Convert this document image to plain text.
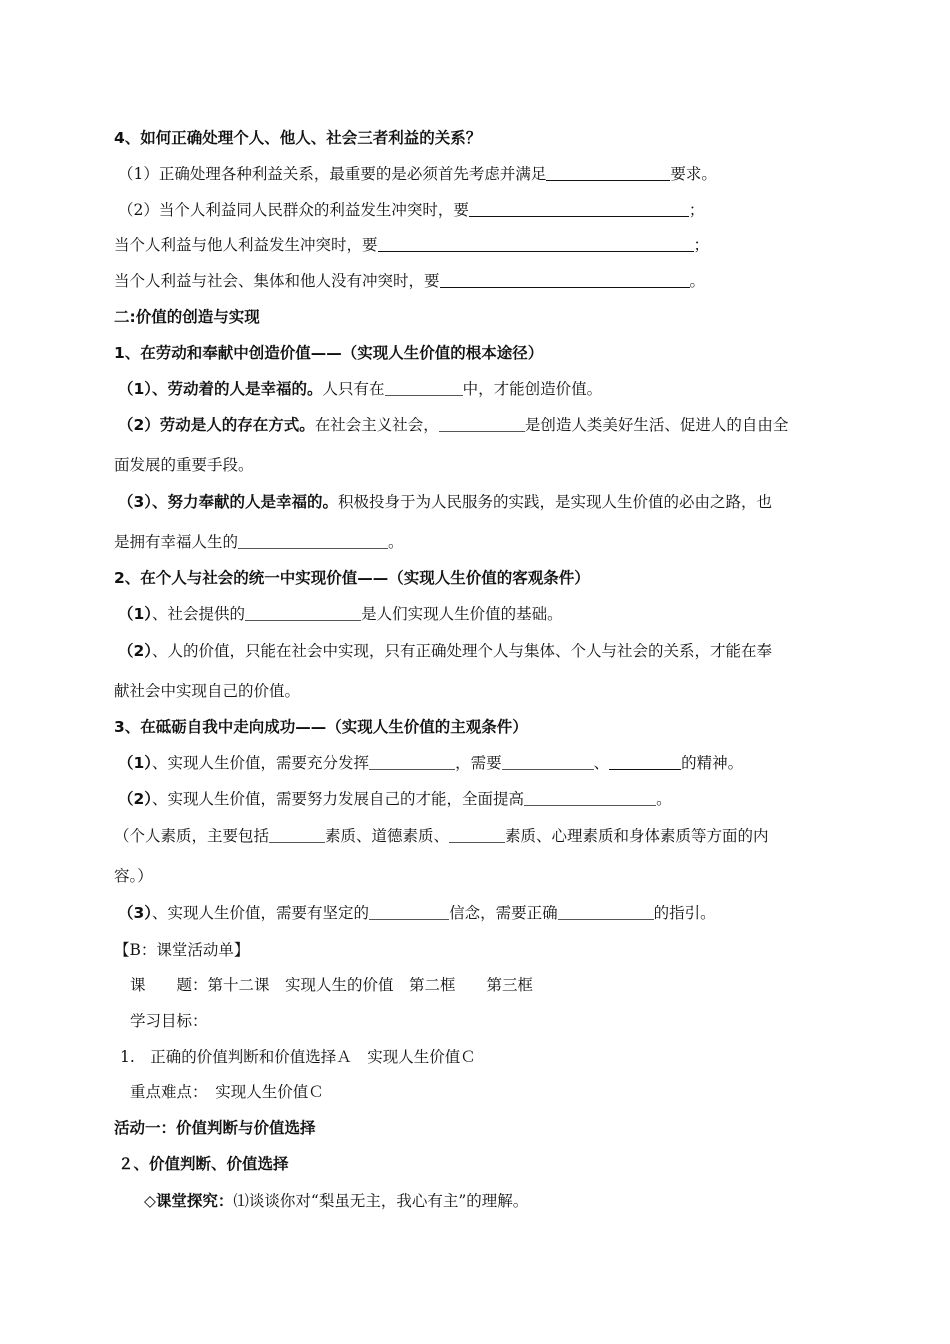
4、如何正确处理个人、他人、社会三者利益的关系？
（1）正确处理各种利益关系，最重要的是必须首先考虑并满足	要求。
（2）当个人利益同人民群众的利益发生冲突时，要	；
当个人利益与他人利益发生冲突时，要	；
当个人利益与社会、集体和他人没有冲突时，要	。
二:价值的创造与实现
1、在劳动和奉献中创造价值——（实现人生价值的根本途径）
（1）、劳动着的人是幸福的。人只有在	中，才能创造价值。
（2）劳动是人的存在方式。在社会主义社会，	是创造人类美好生活、促进人的自由全
面发展的重要手段。
（3）、努力奉献的人是幸福的。积极投身于为人民服务的实践，是实现人生价值的必由之路，也
是拥有幸福人生的	。
2、在个人与社会的统一中实现价值——（实现人生价值的客观条件）
（1）、社会提供的	是人们实现人生价值的基础。
（2）、人的价值，只能在社会中实现，只有正确处理个人与集体、个人与社会的关系，才能在奉
献社会中实现自己的价值。
3、在砥砺自我中走向成功——（实现人生价值的主观条件）
（1）、实现人生价值，需要充分发挥	，需要	、	的精神。
（2）、实现人生价值，需要努力发展自己的才能，全面提高	。
（个人素质，主要包括	素质、道德素质、	素质、心理素质和身体素质等方面的内
容。）
（3）、实现人生价值，需要有坚定的	信念，需要正确	的指引。
【B：课堂活动单】
课　　题：第十二课　实现人生的价值　第二框　　第三框
学习目标：
1.　正确的价值判断和价值选择Ａ　实现人生价值Ｃ
重点难点：　实现人生价值Ｃ
活动一：价值判断与价值选择
２、价值判断、价值选择
◇课堂探究：⑴谈谈你对“梨虽无主，我心有主”的理解。
